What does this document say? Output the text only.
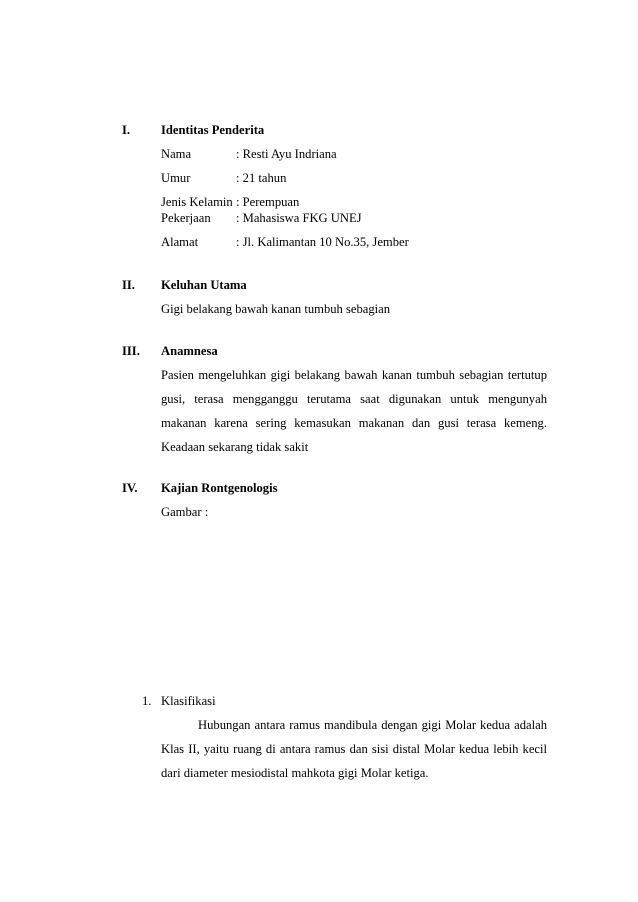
I. Identitas Penderita
Nama	: Resti Ayu Indriana
Umur	: 21 tahun
Jenis Kelamin : Perempuan
Pekerjaan : Mahasiswa FKG UNEJ
Alamat	: Jl. Kalimantan 10 No.35, Jember
II. Keluhan Utama
Gigi belakang bawah kanan tumbuh sebagian
III. Anamnesa
Pasien mengeluhkan gigi belakang bawah kanan tumbuh sebagian tertutup
gusi, terasa mengganggu terutama saat digunakan untuk mengunyah
makanan karena sering kemasukan makanan dan gusi terasa kemeng.
Keadaan sekarang tidak sakit
IV. Kajian Rontgenologis
Gambar :
1. Klasifikasi
Hubungan antara ramus mandibula dengan gigi Molar kedua adalah
Klas II, yaitu ruang di antara ramus dan sisi distal Molar kedua lebih kecil
dari diameter mesiodistal mahkota gigi Molar ketiga.
